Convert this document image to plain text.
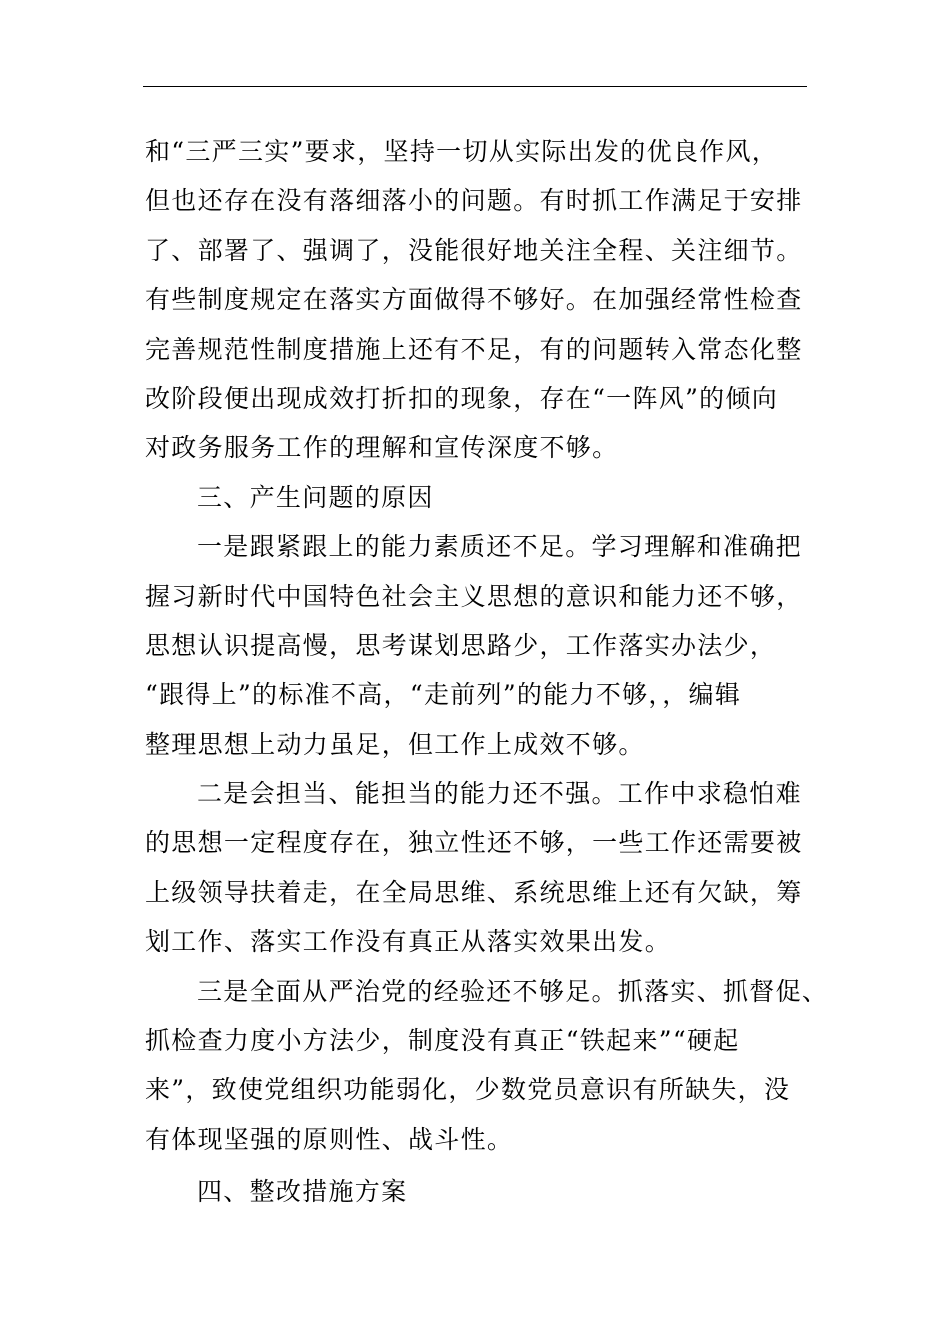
和“三严三实”要求，坚持一切从实际出发的优良作风，
但也还存在没有落细落小的问题。有时抓工作满足于安排
了、部署了、强调了，没能很好地关注全程、关注细节。
有些制度规定在落实方面做得不够好。在加强经常性检查
完善规范性制度措施上还有不足，有的问题转入常态化整
改阶段便出现成效打折扣的现象，存在“一阵风”的倾向
对政务服务工作的理解和宣传深度不够。
三、产生问题的原因
一是跟紧跟上的能力素质还不足。学习理解和准确把
握习新时代中国特色社会主义思想的意识和能力还不够，
思想认识提高慢，思考谋划思路少，工作落实办法少，
“跟得上”的标准不高，“走前列”的能力不够，，编辑
整理思想上动力虽足，但工作上成效不够。
二是会担当、能担当的能力还不强。工作中求稳怕难
的思想一定程度存在，独立性还不够，一些工作还需要被
上级领导扶着走，在全局思维、系统思维上还有欠缺，筹
划工作、落实工作没有真正从落实效果出发。
三是全面从严治党的经验还不够足。抓落实、抓督促、
抓检查力度小方法少，制度没有真正“铁起来”“硬起
来”，致使党组织功能弱化，少数党员意识有所缺失，没
有体现坚强的原则性、战斗性。
四、整改措施方案
